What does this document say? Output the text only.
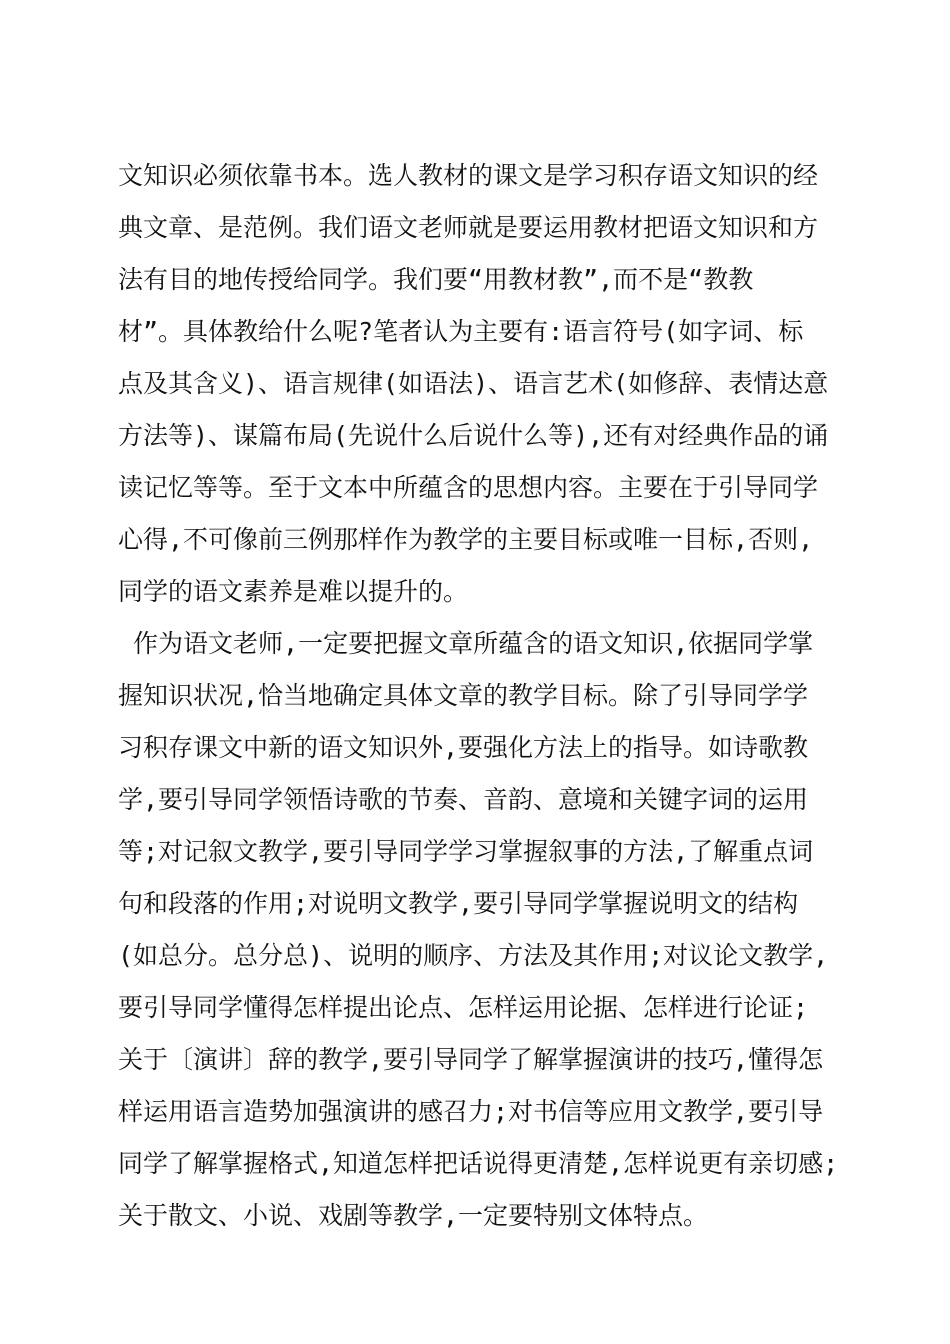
文知识必须依靠书本。选人教材的课文是学习积存语文知识的经
典文章、是范例。我们语文老师就是要运用教材把语文知识和方
法有目的地传授给同学。我们要“用教材教”,而不是“教教
材”。具体教给什么呢?笔者认为主要有:语言符号(如字词、标
点及其含义)、语言规律(如语法)、语言艺术(如修辞、表情达意
方法等)、谋篇布局(先说什么后说什么等),还有对经典作品的诵
读记忆等等。至于文本中所蕴含的思想内容。主要在于引导同学
心得,不可像前三例那样作为教学的主要目标或唯一目标,否则,
同学的语文素养是难以提升的。
作为语文老师,一定要把握文章所蕴含的语文知识,依据同学掌
握知识状况,恰当地确定具体文章的教学目标。除了引导同学学
习积存课文中新的语文知识外,要强化方法上的指导。如诗歌教
学,要引导同学领悟诗歌的节奏、音韵、意境和关键字词的运用
等;对记叙文教学,要引导同学学习掌握叙事的方法,了解重点词
句和段落的作用;对说明文教学,要引导同学掌握说明文的结构
(如总分。总分总)、说明的顺序、方法及其作用;对议论文教学,
要引导同学懂得怎样提出论点、怎样运用论据、怎样进行论证;
关于〔演讲〕辞的教学,要引导同学了解掌握演讲的技巧,懂得怎
样运用语言造势加强演讲的感召力;对书信等应用文教学,要引导
同学了解掌握格式,知道怎样把话说得更清楚,怎样说更有亲切感;
关于散文、小说、戏剧等教学,一定要特别文体特点。
